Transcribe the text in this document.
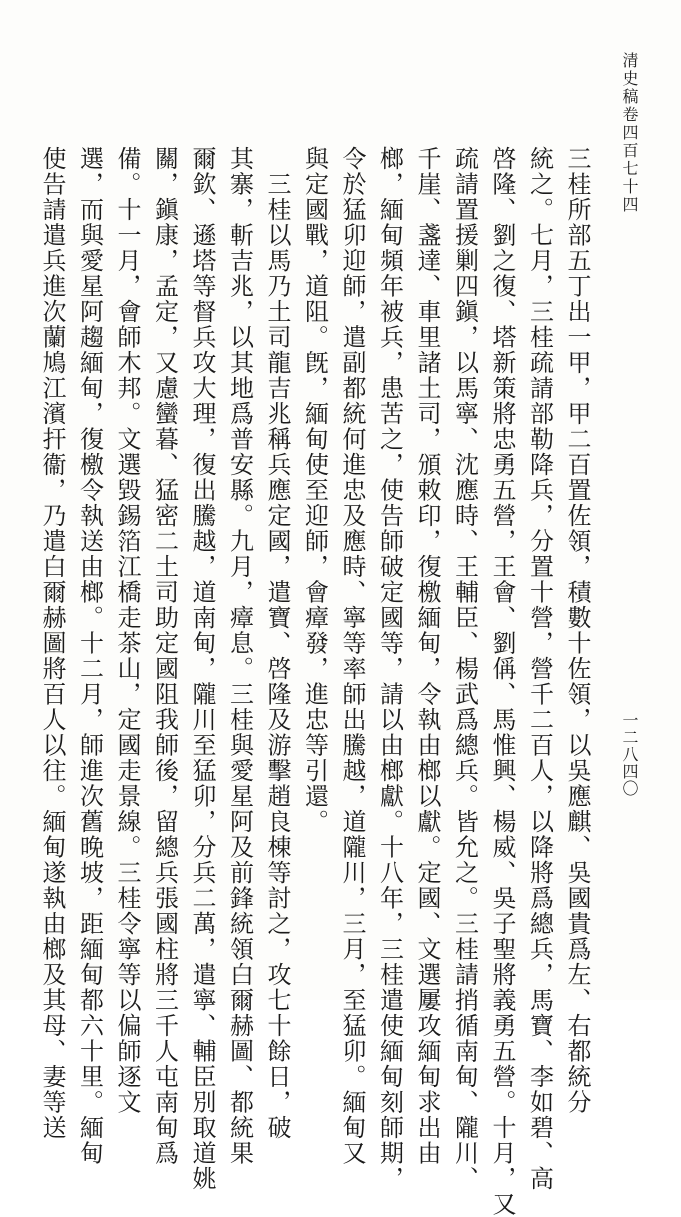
清史稿卷四百七十四
一二八四〇
三桂所部五丁出一甲，甲二百置佐領，積數十佐領，以吳應麒、吳國貴爲左、右都統分
統之。七月，三桂疏請部勒降兵，分置十營，營千二百人，以降將爲總兵，馬寶、李如碧、高
啓隆、劉之復、塔新策將忠勇五營，王會、劉偁、馬惟興、楊威、吳子聖將義勇五營。十月，又
疏請置援剿四鎭，以馬寧、沈應時、王輔臣、楊武爲總兵。皆允之。三桂請捎循南甸、隴川、
千崖、盞達、車里諸土司，頒敕印，復檄緬甸，令執由榔以獻。定國、文選屢攻緬甸求出由
榔，緬甸頻年被兵，患苦之，使告師破定國等，請以由榔獻。十八年，三桂遣使緬甸刻師期，
令於猛卯迎師，遣副都統何進忠及應時、寧等率師出騰越，道隴川，三月，至猛卯。緬甸又
與定國戰，道阻。旣，緬甸使至迎師，會瘴發，進忠等引還。
　三桂以馬乃土司龍吉兆稱兵應定國，遣寶、啓隆及游擊趙良棟等討之，攻七十餘日，破
其寨，斬吉兆，以其地爲普安縣。九月，瘴息。三桂與愛星阿及前鋒統領白爾赫圖、都統果
爾欽、遜塔等督兵攻大理，復出騰越，道南甸，隴川至猛卯，分兵二萬，遣寧、輔臣別取道姚
關，鎭康，孟定，又慮蠻暮、猛密二土司助定國阻我師後，留總兵張國柱將三千人屯南甸爲
備。十一月，會師木邦。文選毀錫箔江橋走茶山，定國走景線。三桂令寧等以偏師逐文
選，而與愛星阿趨緬甸，復檄令執送由榔。十二月，師進次舊晚坡，距緬甸都六十里。緬甸
使告請遣兵進次蘭鳩江濱扞衞，乃遣白爾赫圖將百人以往。緬甸遂執由榔及其母、妻等送
